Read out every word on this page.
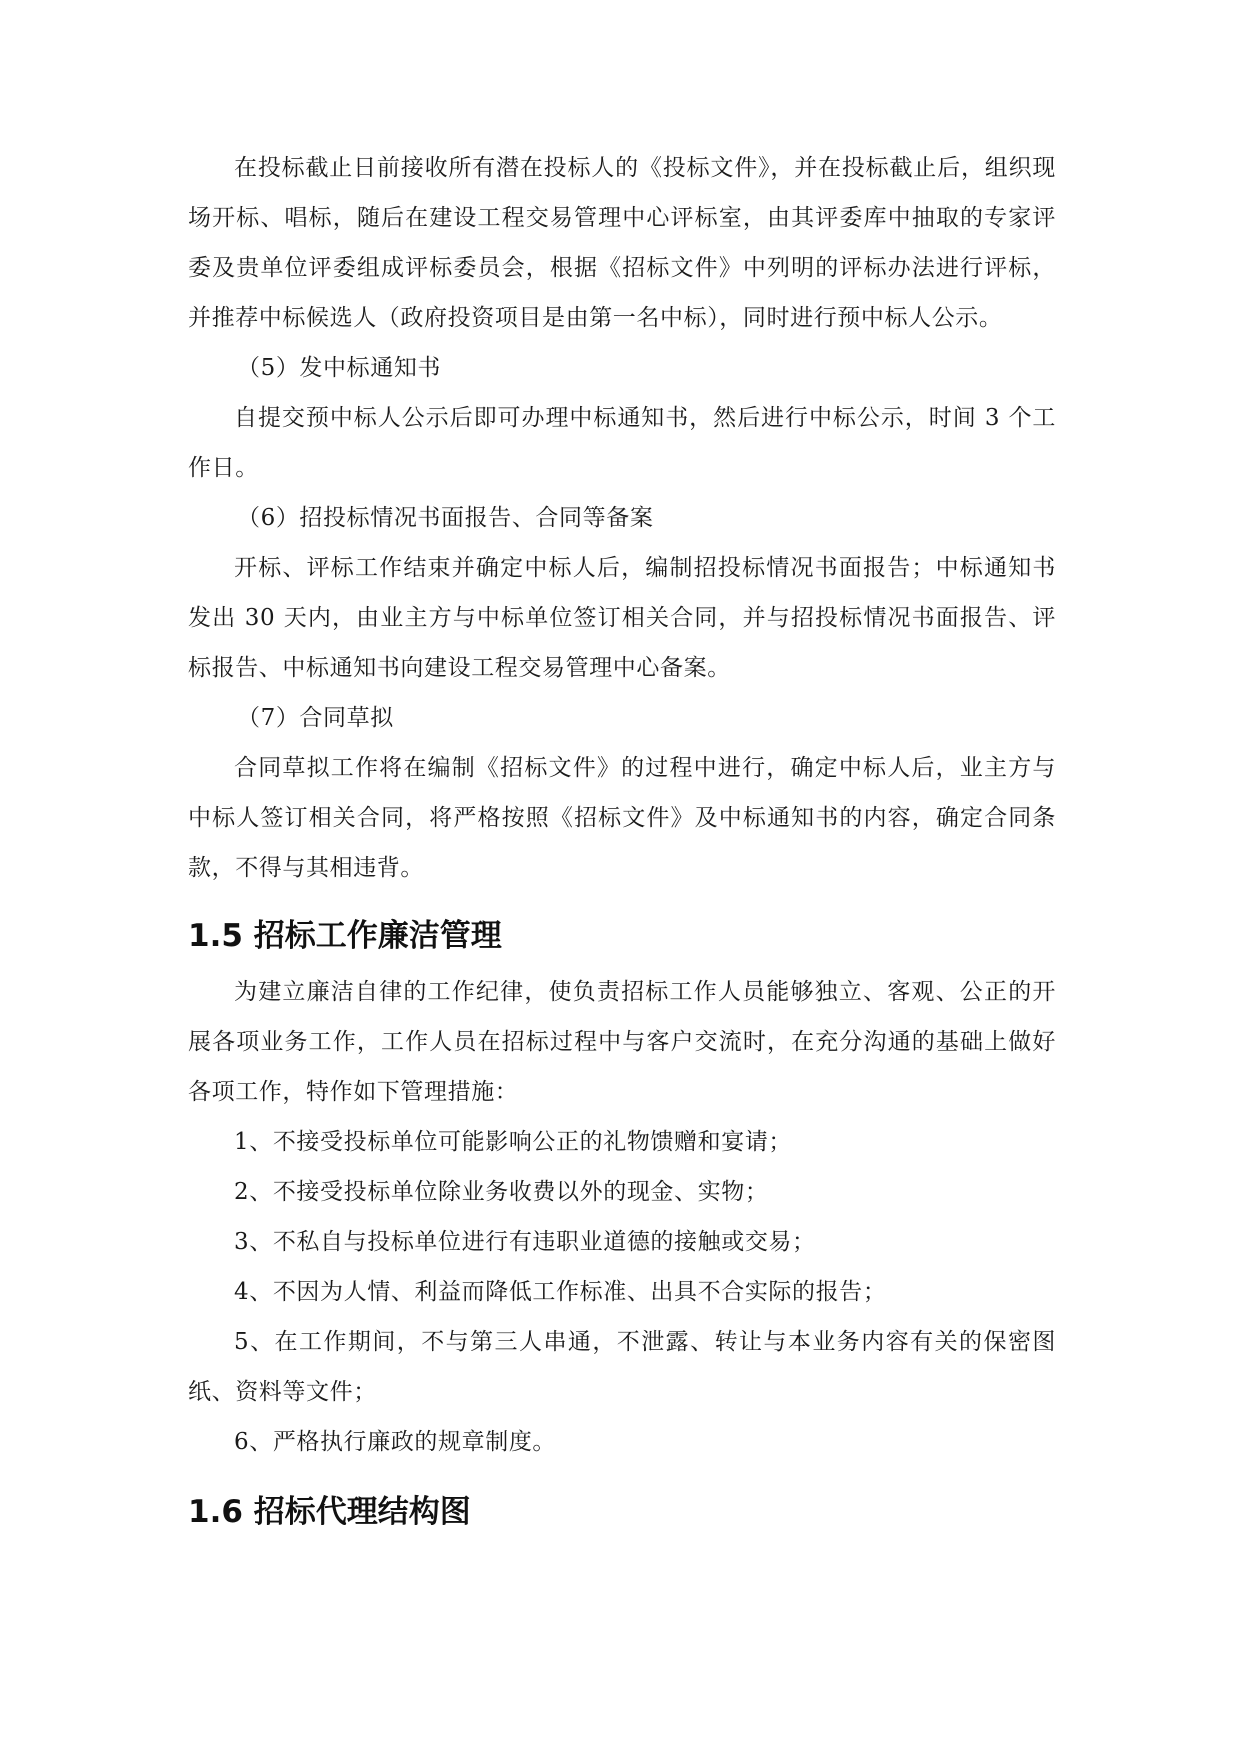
在投标截止日前接收所有潜在投标人的《投标文件》，并在投标截止后，组织现场开标、唱标，随后在建设工程交易管理中心评标室，由其评委库中抽取的专家评委及贵单位评委组成评标委员会，根据《招标文件》中列明的评标办法进行评标，并推荐中标候选人（政府投资项目是由第一名中标），同时进行预中标人公示。

（5）发中标通知书

自提交预中标人公示后即可办理中标通知书，然后进行中标公示，时间 3 个工作日。

（6）招投标情况书面报告、合同等备案

开标、评标工作结束并确定中标人后，编制招投标情况书面报告；中标通知书发出 30 天内，由业主方与中标单位签订相关合同，并与招投标情况书面报告、评标报告、中标通知书向建设工程交易管理中心备案。

（7）合同草拟

合同草拟工作将在编制《招标文件》的过程中进行，确定中标人后，业主方与中标人签订相关合同，将严格按照《招标文件》及中标通知书的内容，确定合同条款，不得与其相违背。

1.5 招标工作廉洁管理

为建立廉洁自律的工作纪律，使负责招标工作人员能够独立、客观、公正的开展各项业务工作，工作人员在招标过程中与客户交流时，在充分沟通的基础上做好各项工作，特作如下管理措施：

1、不接受投标单位可能影响公正的礼物馈赠和宴请；

2、不接受投标单位除业务收费以外的现金、实物；

3、不私自与投标单位进行有违职业道德的接触或交易；

4、不因为人情、利益而降低工作标准、出具不合实际的报告；

5、在工作期间，不与第三人串通，不泄露、转让与本业务内容有关的保密图纸、资料等文件；

6、严格执行廉政的规章制度。

1.6 招标代理结构图
